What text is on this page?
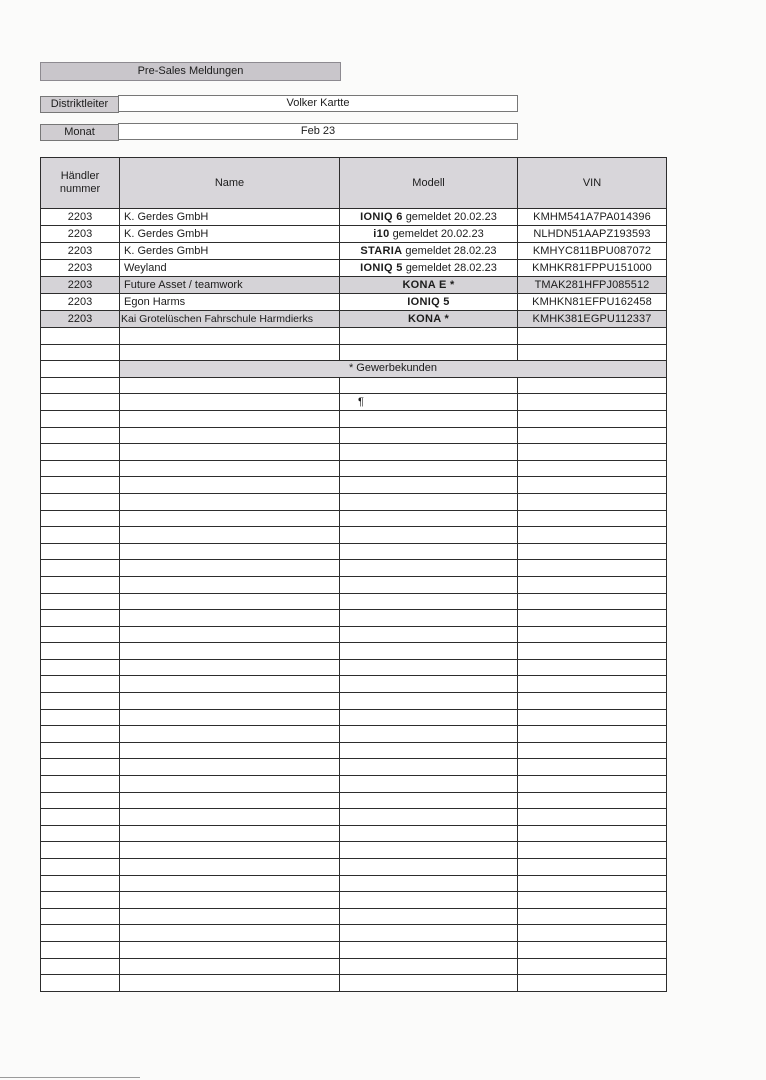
Pre-Sales Meldungen
Distriktleiter	Volker Kartte
Monat	Feb 23
Händler nummer	Name	Modell	VIN
2203	K. Gerdes GmbH	IONIQ 6 gemeldet 20.02.23	KMHM541A7PA014396
2203	K. Gerdes GmbH	i10 gemeldet 20.02.23	NLHDN51AAPZ193593
2203	K. Gerdes GmbH	STARIA gemeldet 28.02.23	KMHYC811BPU087072
2203	Weyland	IONIQ 5 gemeldet 28.02.23	KMHKR81FPPU151000
2203	Future Asset / teamwork	KONA E *	TMAK281HFPJ085512
2203	Egon Harms	IONIQ 5	KMHKN81EFPU162458
2203	Kai Grotelüschen Fahrschule Harmdierks	KONA *	KMHK381EGPU112337

	* Gewerbekunden		

		¶	
